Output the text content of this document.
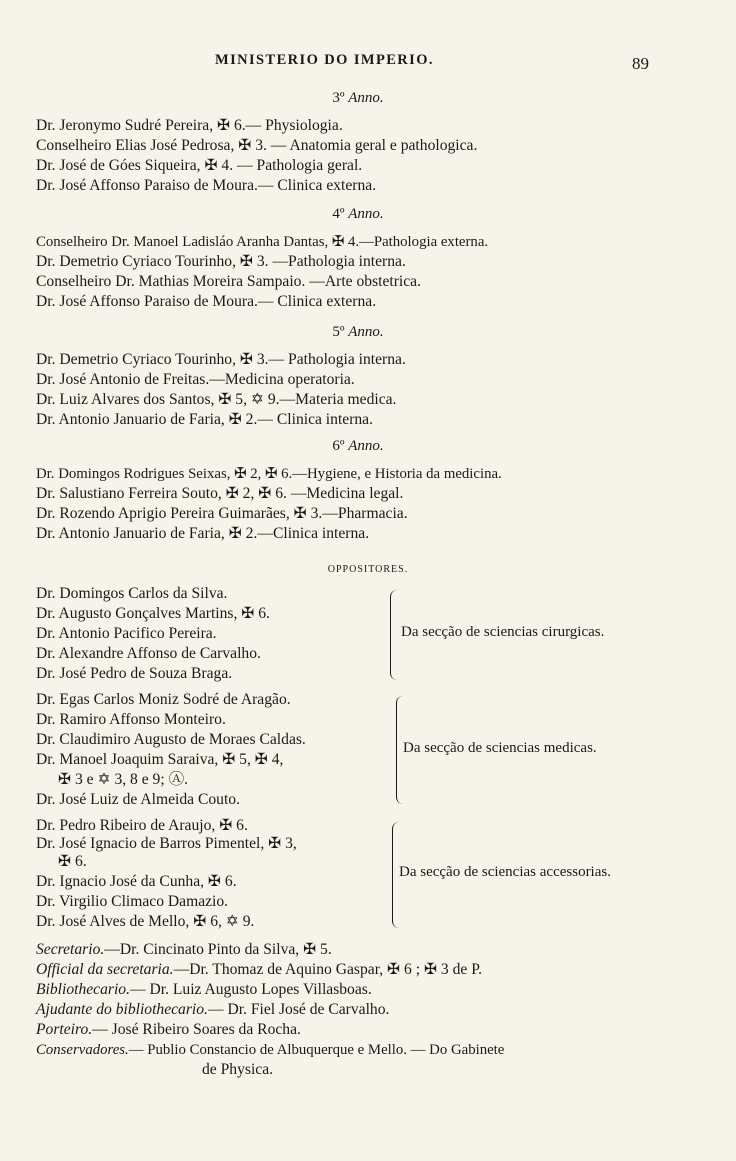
MINISTERIO DO IMPERIO.	89
3º Anno.
Dr. Jeronymo Sudré Pereira, ✠ 6.— Physiologia.
Conselheiro Elias José Pedrosa, ✠ 3. — Anatomia geral e pathologica.
Dr. José de Góes Siqueira, ✠ 4. — Pathologia geral.
Dr. José Affonso Paraiso de Moura.— Clinica externa.
4º Anno.
Conselheiro Dr. Manoel Ladisláo Aranha Dantas, ✠ 4.—Pathologia externa.
Dr. Demetrio Cyriaco Tourinho, ✠ 3. —Pathologia interna.
Conselheiro Dr. Mathias Moreira Sampaio. —Arte obstetrica.
Dr. José Affonso Paraiso de Moura.— Clinica externa.
5º Anno.
Dr. Demetrio Cyriaco Tourinho, ✠ 3.— Pathologia interna.
Dr. José Antonio de Freitas.—Medicina operatoria.
Dr. Luiz Alvares dos Santos, ✠ 5, ✡ 9.—Materia medica.
Dr. Antonio Januario de Faria, ✠ 2.— Clinica interna.
6º Anno.
Dr. Domingos Rodrigues Seixas, ✠ 2, ✠ 6.—Hygiene, e Historia da medicina.
Dr. Salustiano Ferreira Souto, ✠ 2, ✠ 6. —Medicina legal.
Dr. Rozendo Aprigio Pereira Guimarães, ✠ 3.—Pharmacia.
Dr. Antonio Januario de Faria, ✠ 2.—Clinica interna.
OPPOSITORES.
Dr. Domingos Carlos da Silva.
Dr. Augusto Gonçalves Martins, ✠ 6.
Dr. Antonio Pacifico Pereira.
Dr. Alexandre Affonso de Carvalho.
Dr. José Pedro de Souza Braga.
Da secção de sciencias cirurgicas.
Dr. Egas Carlos Moniz Sodré de Aragão.
Dr. Ramiro Affonso Monteiro.
Dr. Claudimiro Augusto de Moraes Caldas.
Dr. Manoel Joaquim Saraiva, ✠ 5, ✠ 4,
✠ 3 e ✡ 3, 8 e 9; Ⓐ.
Dr. José Luiz de Almeida Couto.
Da secção de sciencias medicas.
Dr. Pedro Ribeiro de Araujo, ✠ 6.
Dr. José Ignacio de Barros Pimentel, ✠ 3,
✠ 6.
Dr. Ignacio José da Cunha, ✠ 6.
Dr. Virgilio Climaco Damazio.
Dr. José Alves de Mello, ✠ 6, ✡ 9.
Da secção de sciencias accessorias.
Secretario.—Dr. Cincinato Pinto da Silva, ✠ 5.
Official da secretaria.—Dr. Thomaz de Aquino Gaspar, ✠ 6 ; ✠ 3 de P.
Bibliothecario.— Dr. Luiz Augusto Lopes Villasboas.
Ajudante do bibliothecario.— Dr. Fiel José de Carvalho.
Porteiro.— José Ribeiro Soares da Rocha.
Conservadores.— Publio Constancio de Albuquerque e Mello. — Do Gabinete
de Physica.
